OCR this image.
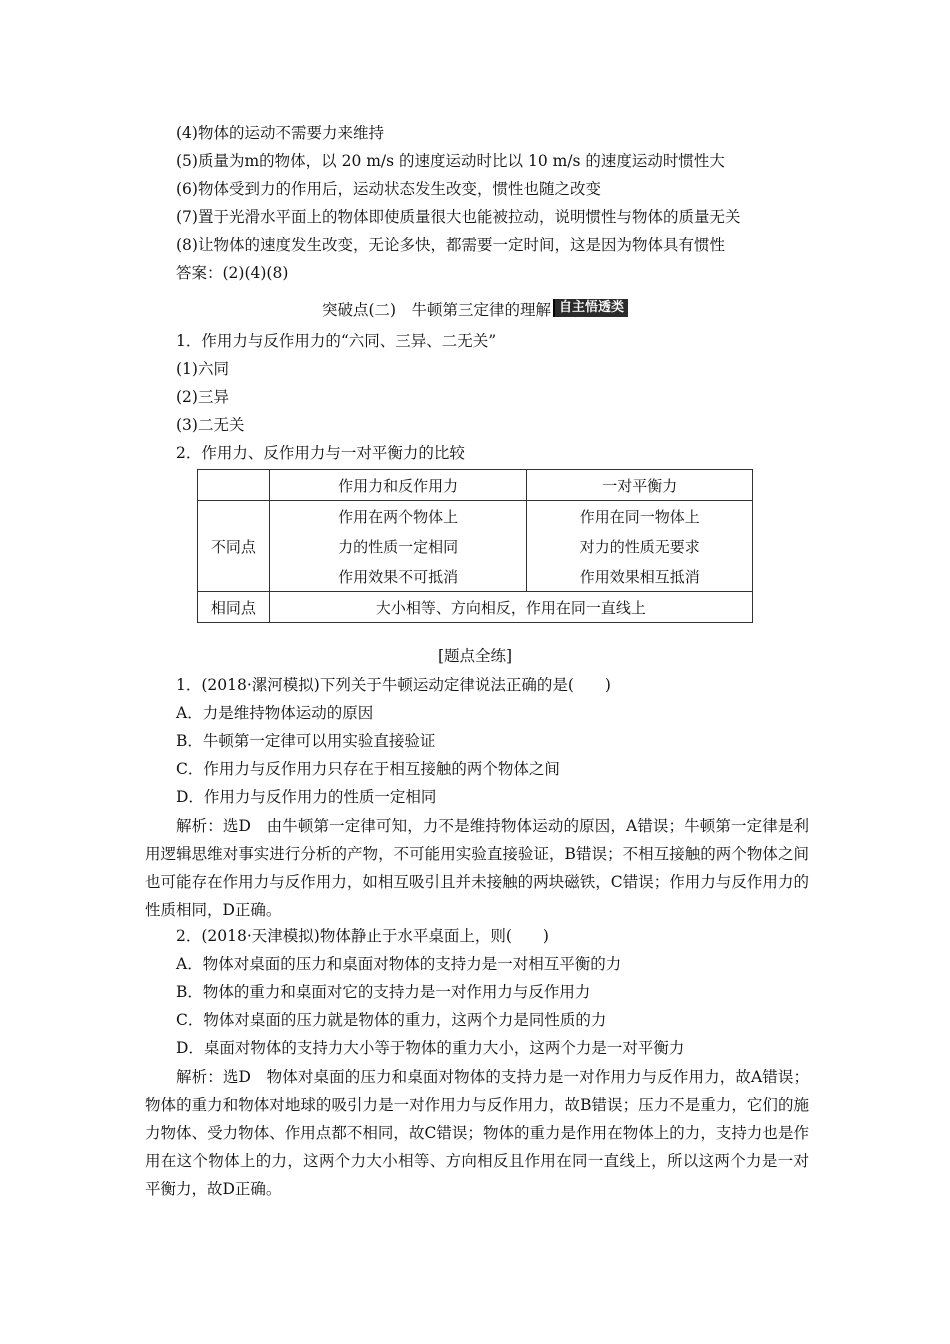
(4)物体的运动不需要力来维持
(5)质量为m的物体，以 20 m/s 的速度运动时比以 10 m/s 的速度运动时惯性大
(6)物体受到力的作用后，运动状态发生改变，惯性也随之改变
(7)置于光滑水平面上的物体即使质量很大也能被拉动，说明惯性与物体的质量无关
(8)让物体的速度发生改变，无论多快，都需要一定时间，这是因为物体具有惯性
答案：(2)(4)(8)
突破点(二)　牛顿第三定律的理解 自主悟透类
1．作用力与反作用力的“六同、三异、二无关”
(1)六同
(2)三异
(3)二无关
2．作用力、反作用力与一对平衡力的比较
	作用力和反作用力	一对平衡力
不同点	作用在两个物体上	作用在同一物体上
	力的性质一定相同	对力的性质无要求
	作用效果不可抵消	作用效果相互抵消
相同点	大小相等、方向相反，作用在同一直线上	
[题点全练]
1．(2018·漯河模拟)下列关于牛顿运动定律说法正确的是(　　)
A．力是维持物体运动的原因
B．牛顿第一定律可以用实验直接验证
C．作用力与反作用力只存在于相互接触的两个物体之间
D．作用力与反作用力的性质一定相同
解析：选D　由牛顿第一定律可知，力不是维持物体运动的原因，A错误；牛顿第一定律是利用逻辑思维对事实进行分析的产物，不可能用实验直接验证，B错误；不相互接触的两个物体之间也可能存在作用力与反作用力，如相互吸引且并未接触的两块磁铁，C错误；作用力与反作用力的性质相同，D正确。
2．(2018·天津模拟)物体静止于水平桌面上，则(　　)
A．物体对桌面的压力和桌面对物体的支持力是一对相互平衡的力
B．物体的重力和桌面对它的支持力是一对作用力与反作用力
C．物体对桌面的压力就是物体的重力，这两个力是同性质的力
D．桌面对物体的支持力大小等于物体的重力大小，这两个力是一对平衡力
解析：选D　物体对桌面的压力和桌面对物体的支持力是一对作用力与反作用力，故A错误；物体的重力和物体对地球的吸引力是一对作用力与反作用力，故B错误；压力不是重力，它们的施力物体、受力物体、作用点都不相同，故C错误；物体的重力是作用在物体上的力，支持力也是作用在这个物体上的力，这两个力大小相等、方向相反且作用在同一直线上，所以这两个力是一对平衡力，故D正确。
